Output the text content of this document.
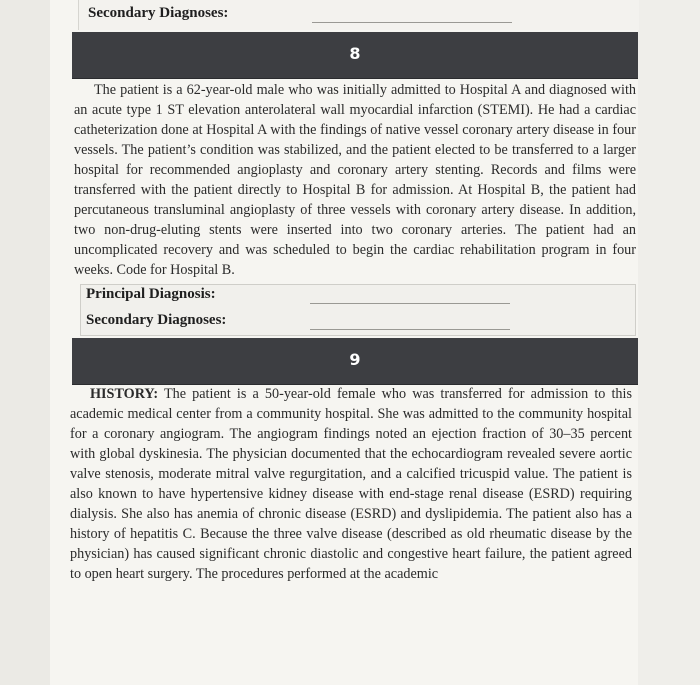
Secondary Diagnoses:
8

The patient is a 62-year-old male who was initially admitted to Hospital A and diagnosed with an acute type 1 ST elevation anterolateral wall myocardial infarction (STEMI). He had a cardiac catheterization done at Hospital A with the findings of native vessel coronary artery disease in four vessels. The patient’s condition was stabilized, and the patient elected to be transferred to a larger hospital for recommended angioplasty and coronary artery stenting. Records and films were transferred with the patient directly to Hospital B for admission. At Hospital B, the patient had percutaneous transluminal angioplasty of three vessels with coronary artery disease. In addition, two non-drug-eluting stents were inserted into two coronary arteries. The patient had an uncomplicated recovery and was scheduled to begin the cardiac rehabilitation program in four weeks. Code for Hospital B.

Principal Diagnosis:
Secondary Diagnoses:
9

HISTORY: The patient is a 50-year-old female who was transferred for admission to this academic medical center from a community hospital. She was admitted to the community hospital for a coronary angiogram. The angiogram findings noted an ejection fraction of 30–35 percent with global dyskinesia. The physician documented that the echocardiogram revealed severe aortic valve stenosis, moderate mitral valve regurgitation, and a calcified tricuspid value. The patient is also known to have hypertensive kidney disease with end-stage renal disease (ESRD) requiring dialysis. She also has anemia of chronic disease (ESRD) and dyslipidemia. The patient also has a history of hepatitis C. Because the three valve disease (described as old rheumatic disease by the physician) has caused significant chronic diastolic and congestive heart failure, the patient agreed to open heart surgery. The procedures performed at the academic
